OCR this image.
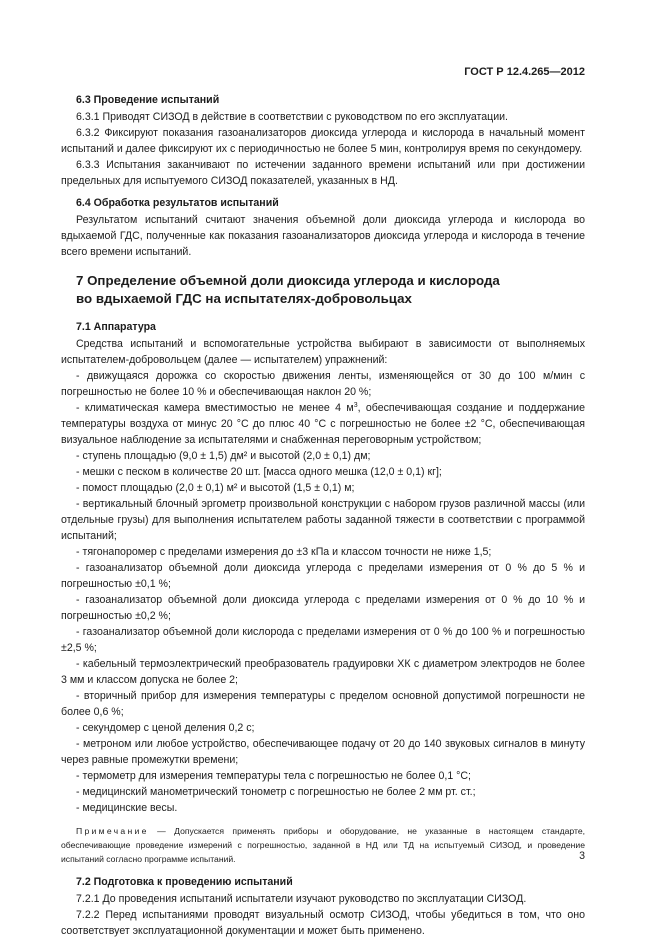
ГОСТ Р 12.4.265—2012

6.3 Проведение испытаний

6.3.1 Приводят СИЗОД в действие в соответствии с руководством по его эксплуатации.

6.3.2 Фиксируют показания газоанализаторов диоксида углерода и кислорода в начальный момент испытаний и далее фиксируют их с периодичностью не более 5 мин, контролируя время по секундомеру.

6.3.3 Испытания заканчивают по истечении заданного времени испытаний или при достижении предельных для испытуемого СИЗОД показателей, указанных в НД.

6.4 Обработка результатов испытаний

Результатом испытаний считают значения объемной доли диоксида углерода и кислорода во вдыхаемой ГДС, полученные как показания газоанализаторов диоксида углерода и кислорода в течение всего времени испытаний.

7 Определение объемной доли диоксида углерода и кислорода
во вдыхаемой ГДС на испытателях-добровольцах

7.1 Аппаратура

Средства испытаний и вспомогательные устройства выбирают в зависимости от выполняемых испытателем-добровольцем (далее — испытателем) упражнений:

- движущаяся дорожка со скоростью движения ленты, изменяющейся от 30 до 100 м/мин с погрешностью не более 10 % и обеспечивающая наклон 20 %;

- климатическая камера вместимостью не менее 4 $м^3$, обеспечивающая создание и поддержание температуры воздуха от минус 20 °С до плюс 40 °С с погрешностью не более ±2 °С, обеспечивающая визуальное наблюдение за испытателями и снабженная переговорным устройством;

- ступень площадью (9,0 ± 1,5) дм² и высотой (2,0 ± 0,1) дм;

- мешки с песком в количестве 20 шт. [масса одного мешка (12,0 ± 0,1) кг];

- помост площадью (2,0 ± 0,1) м² и высотой (1,5 ± 0,1) м;

- вертикальный блочный эргометр произвольной конструкции с набором грузов различной массы (или отдельные грузы) для выполнения испытателем работы заданной тяжести в соответствии с программой испытаний;

- тягонапоромер с пределами измерения до ±3 кПа и классом точности не ниже 1,5;

- газоанализатор объемной доли диоксида углерода с пределами измерения от 0 % до 5 % и погрешностью ±0,1 %;

- газоанализатор объемной доли диоксида углерода с пределами измерения от 0 % до 10 % и погрешностью ±0,2 %;

- газоанализатор объемной доли кислорода с пределами измерения от 0 % до 100 % и погрешностью ±2,5 %;

- кабельный термоэлектрический преобразователь градуировки ХК с диаметром электродов не более 3 мм и классом допуска не более 2;

- вторичный прибор для измерения температуры с пределом основной допустимой погрешности не более 0,6 %;

- секундомер с ценой деления 0,2 с;

- метроном или любое устройство, обеспечивающее подачу от 20 до 140 звуковых сигналов в минуту через равные промежутки времени;

- термометр для измерения температуры тела с погрешностью не более 0,1 °С;

- медицинский манометрический тонометр с погрешностью не более 2 мм рт. ст.;

- медицинские весы.

Примечание — Допускается применять приборы и оборудование, не указанные в настоящем стандарте, обеспечивающие проведение измерений с погрешностью, заданной в НД или ТД на испытуемый СИЗОД, и проведение испытаний согласно программе испытаний.

7.2 Подготовка к проведению испытаний

7.2.1 До проведения испытаний испытатели изучают руководство по эксплуатации СИЗОД.

7.2.2 Перед испытаниями проводят визуальный осмотр СИЗОД, чтобы убедиться в том, что оно соответствует эксплуатационной документации и может быть применено.

3
